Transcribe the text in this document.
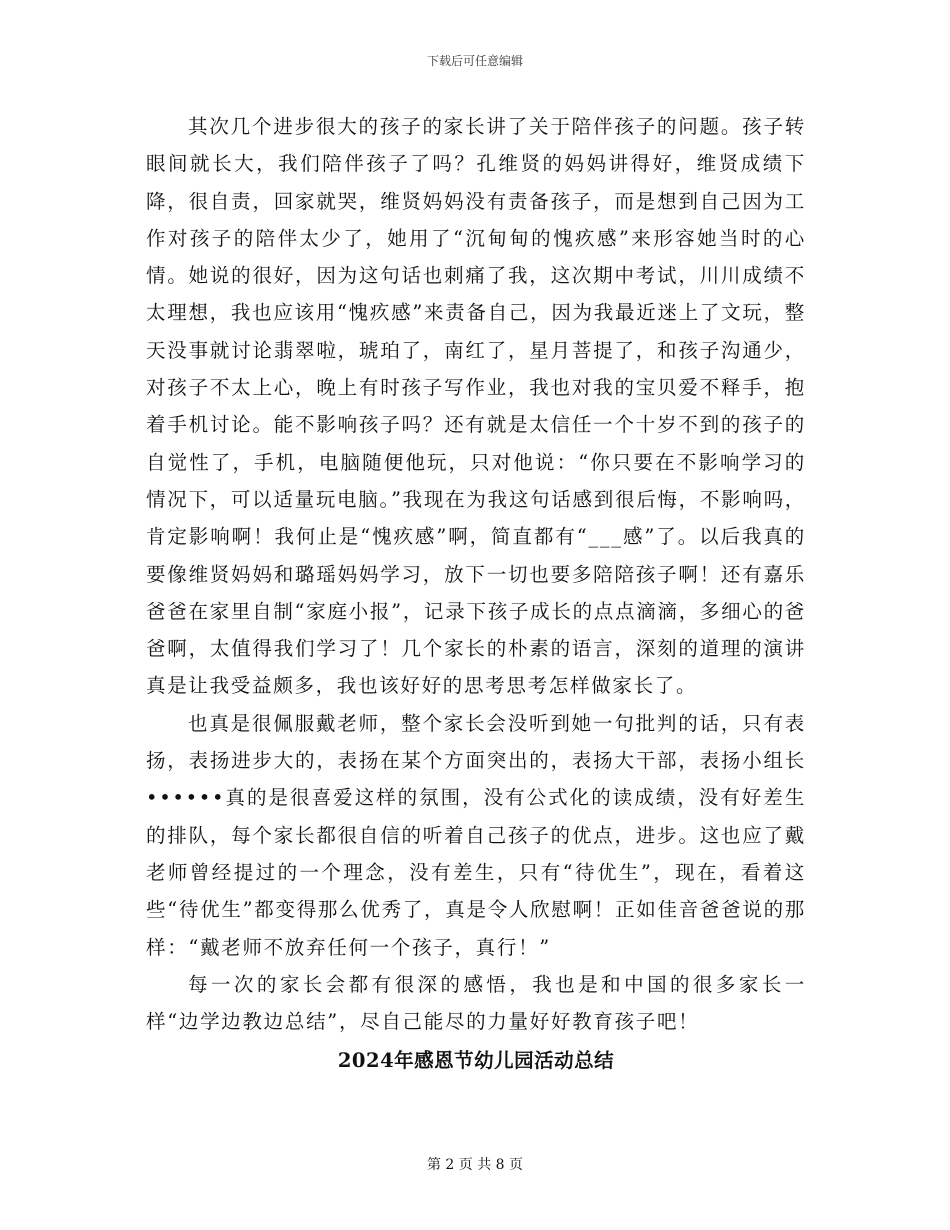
下载后可任意编辑

其次几个进步很大的孩子的家长讲了关于陪伴孩子的问题。孩子转眼间就长大，我们陪伴孩子了吗？孔维贤的妈妈讲得好，维贤成绩下降，很自责，回家就哭，维贤妈妈没有责备孩子，而是想到自己因为工作对孩子的陪伴太少了，她用了“沉甸甸的愧疚感”来形容她当时的心情。她说的很好，因为这句话也刺痛了我，这次期中考试，川川成绩不太理想，我也应该用“愧疚感”来责备自己，因为我最近迷上了文玩，整天没事就讨论翡翠啦，琥珀了，南红了，星月菩提了，和孩子沟通少，对孩子不太上心，晚上有时孩子写作业，我也对我的宝贝爱不释手，抱着手机讨论。能不影响孩子吗？还有就是太信任一个十岁不到的孩子的自觉性了，手机，电脑随便他玩，只对他说：“你只要在不影响学习的情况下，可以适量玩电脑。”我现在为我这句话感到很后悔，不影响吗，肯定影响啊！我何止是“愧疚感”啊，简直都有“___感”了。以后我真的要像维贤妈妈和璐瑶妈妈学习，放下一切也要多陪陪孩子啊！还有嘉乐爸爸在家里自制“家庭小报”，记录下孩子成长的点点滴滴，多细心的爸爸啊，太值得我们学习了！几个家长的朴素的语言，深刻的道理的演讲真是让我受益颇多，我也该好好的思考思考怎样做家长了。

也真是很佩服戴老师，整个家长会没听到她一句批判的话，只有表扬，表扬进步大的，表扬在某个方面突出的，表扬大干部，表扬小组长••••••真的是很喜爱这样的氛围，没有公式化的读成绩，没有好差生的排队，每个家长都很自信的听着自己孩子的优点，进步。这也应了戴老师曾经提过的一个理念，没有差生，只有“待优生”，现在，看着这些“待优生”都变得那么优秀了，真是令人欣慰啊！正如佳音爸爸说的那样：“戴老师不放弃任何一个孩子，真行！”

每一次的家长会都有很深的感悟，我也是和中国的很多家长一样“边学边教边总结”，尽自己能尽的力量好好教育孩子吧！

2024年感恩节幼儿园活动总结
第 2 页 共 8 页
